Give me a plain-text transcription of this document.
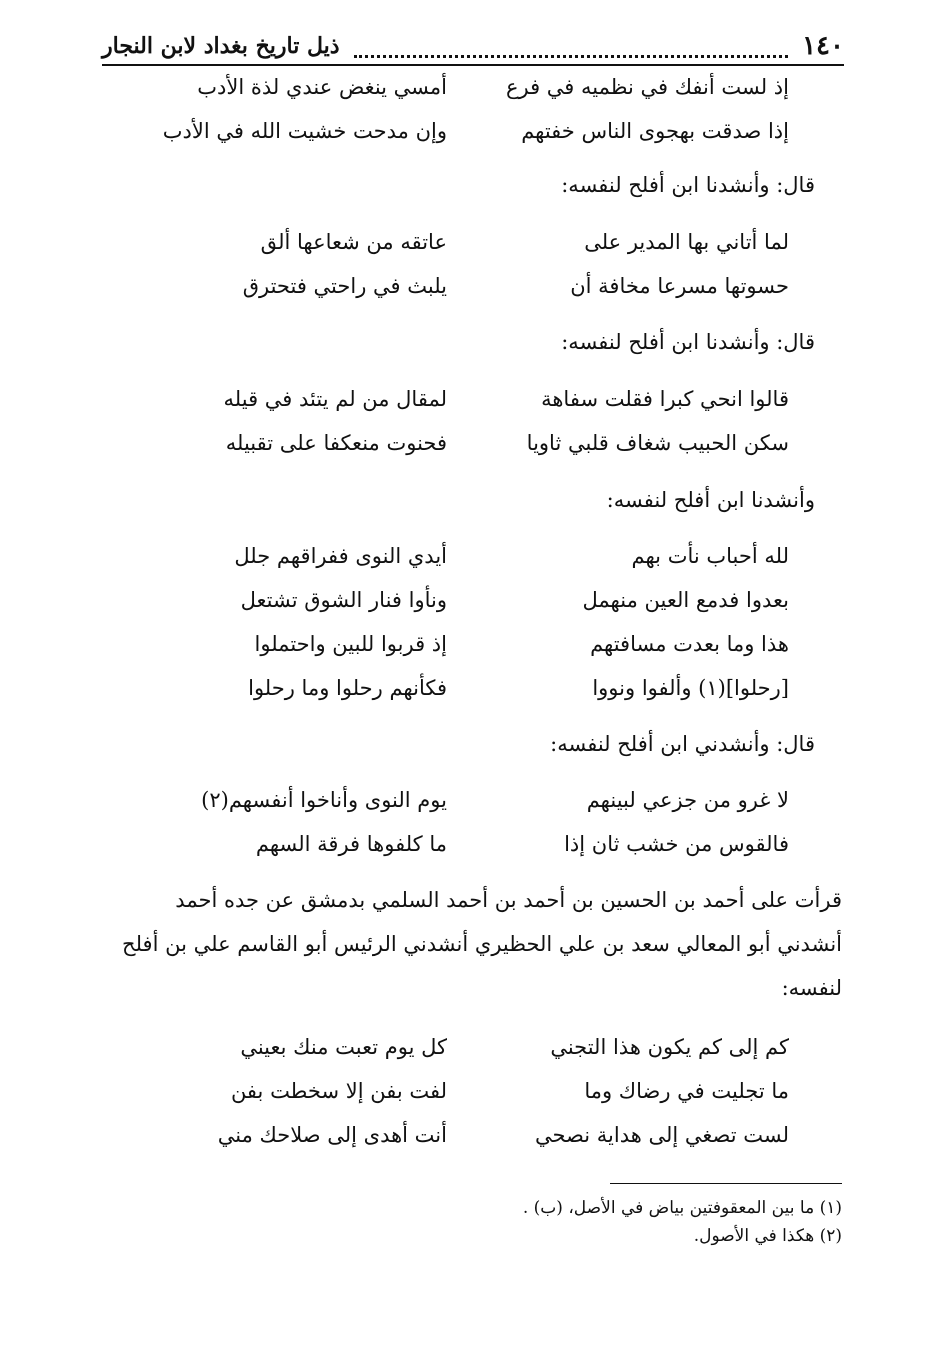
١٤٠
ذيل تاريخ بغداد لابن النجار
إذ لست أنفك في نظميه في فرع
أمسي ينغض عندي لذة الأدب
إذا صدقت بهجوى الناس خفتهم
وإن مدحت خشيت الله في الأدب
قال: وأنشدنا ابن أفلح لنفسه:
لما أتاني بها المدير على
عاتقه من شعاعها ألق
حسوتها مسرعا مخافة أن
يلبث في راحتي فتحترق
قال: وأنشدنا ابن أفلح لنفسه:
قالوا انحي كبرا فقلت سفاهة
لمقال من لم يتئد في قيله
سكن الحبيب شغاف قلبي ثاويا
فحنوت منعكفا على تقبيله
وأنشدنا ابن أفلح لنفسه:
لله أحباب نأت بهم
أيدي النوى ففراقهم جلل
بعدوا فدمع العين منهمل
ونأوا فنار الشوق تشتعل
هذا وما بعدت مسافتهم
إذ قربوا للبين واحتملوا
[رحلوا](١) وألفوا ونووا
فكأنهم رحلوا وما رحلوا
قال: وأنشدني ابن أفلح لنفسه:
لا غرو من جزعي لبينهم
يوم النوى وأناخوا أنفسهم(٢)
فالقوس من خشب ثان إذا
ما كلفوها فرقة السهم
قرأت على أحمد بن الحسين بن أحمد بن أحمد السلمي بدمشق عن جده أحمد
أنشدني أبو المعالي سعد بن علي الحظيري أنشدني الرئيس أبو القاسم علي بن أفلح
لنفسه:
كم إلى كم يكون هذا التجني
كل يوم تعبت منك بعيني
ما تجليت في رضاك وما
لفت بفن إلا سخطت بفن
لست تصغي إلى هداية نصحي
أنت أهدى إلى صلاحك مني
(١) ما بين المعقوفتين بياض في الأصل، (ب) .
(٢) هكذا في الأصول.
